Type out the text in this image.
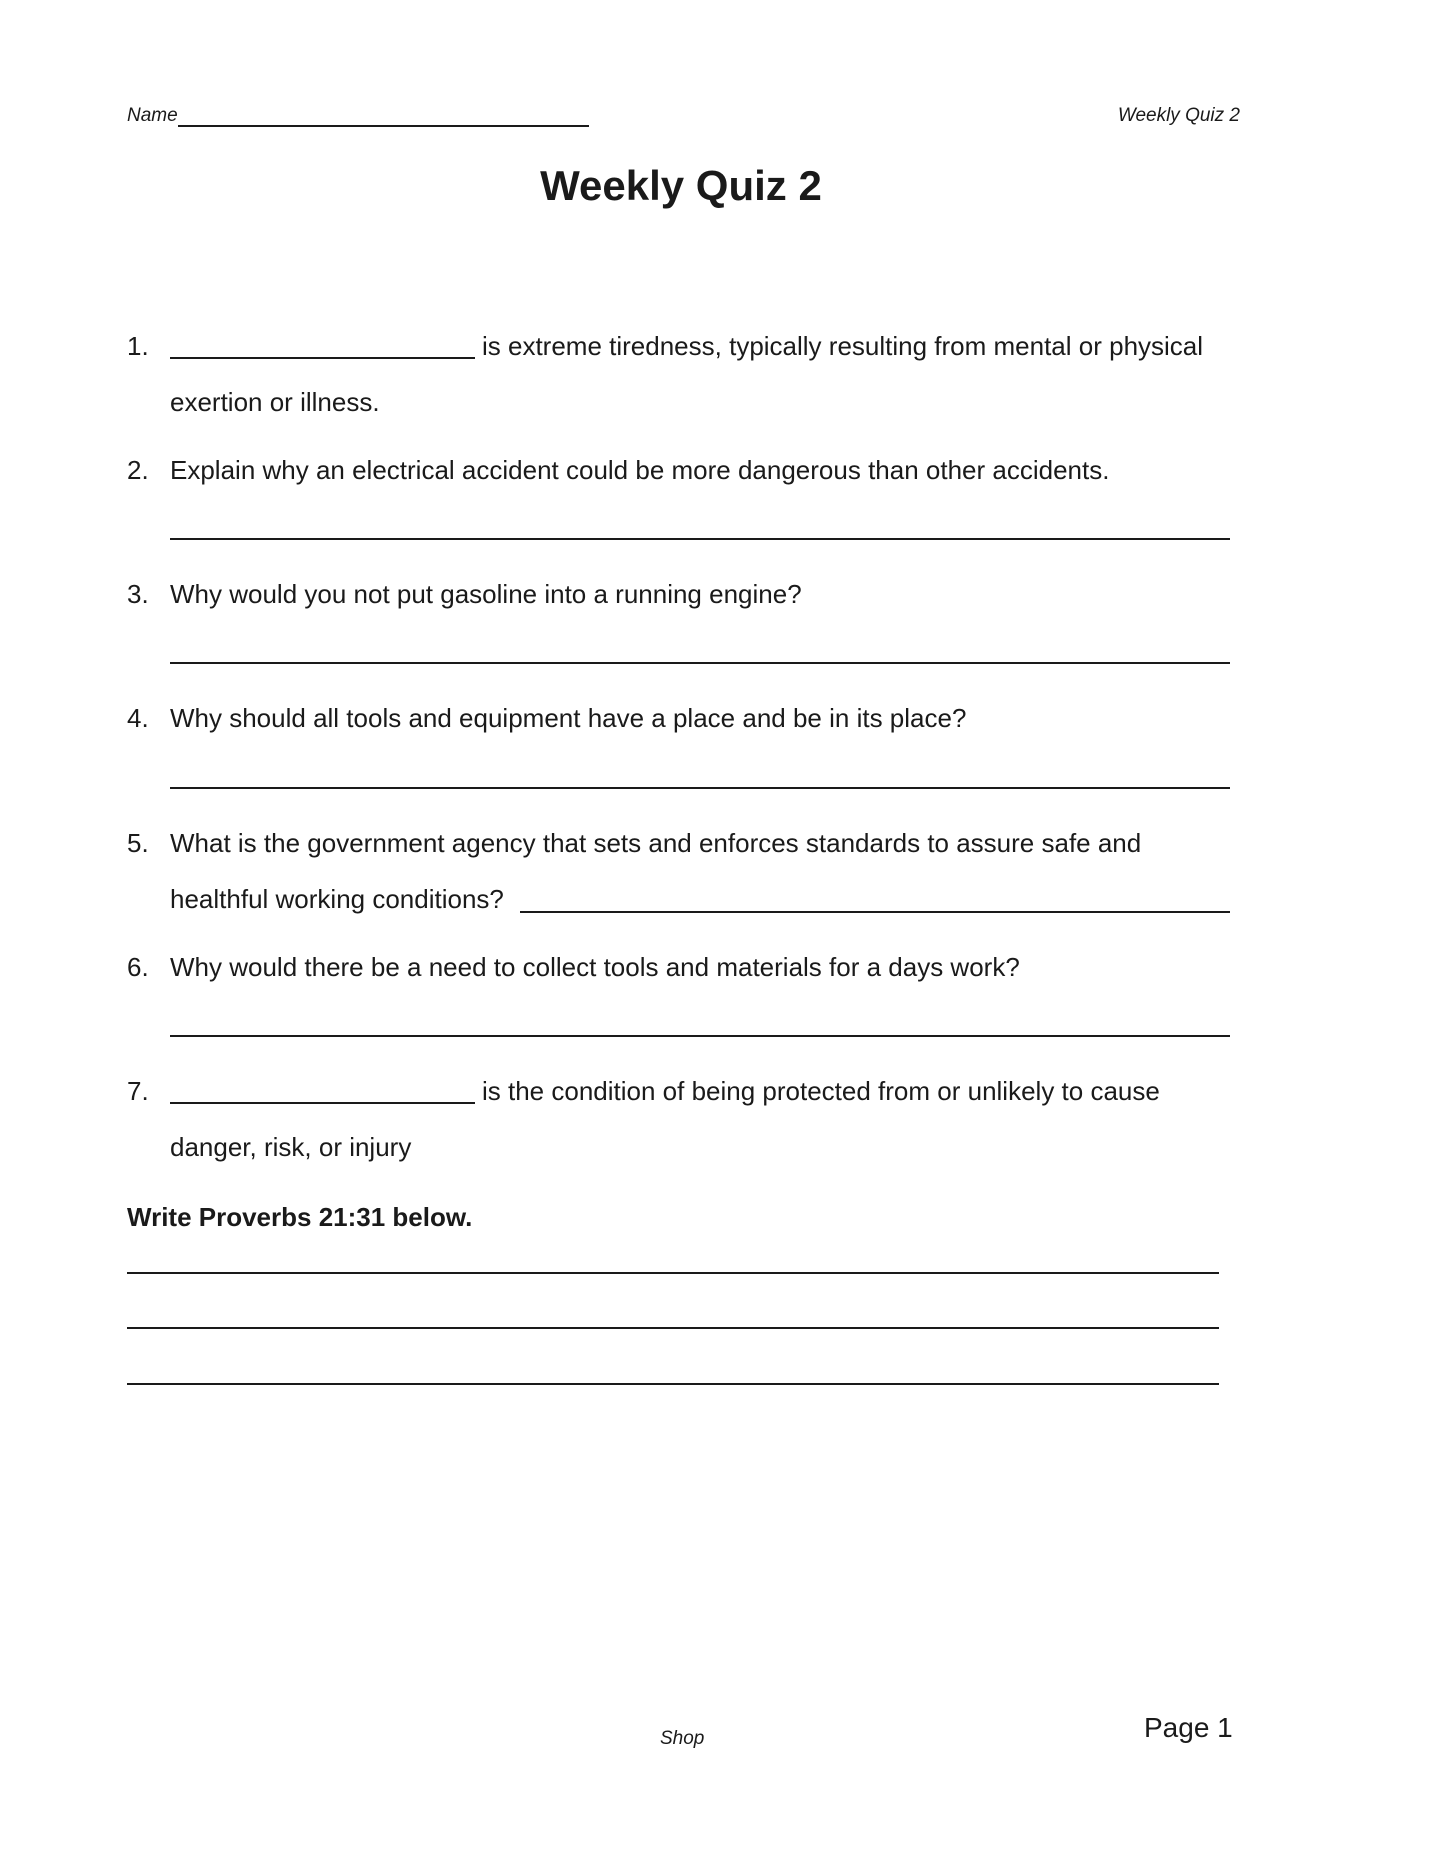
Name	Weekly Quiz 2
Weekly Quiz 2
1.	is extreme tiredness, typically resulting from mental or physical
exertion or illness.
2. Explain why an electrical accident could be more dangerous than other accidents.
3. Why would you not put gasoline into a running engine?
4. Why should all tools and equipment have a place and be in its place?
5. What is the government agency that sets and enforces standards to assure safe and
healthful working conditions?
6. Why would there be a need to collect tools and materials for a days work?
7.	is the condition of being protected from or unlikely to cause
danger, risk, or injury
Write Proverbs 21:31 below.
Shop	Page 1
